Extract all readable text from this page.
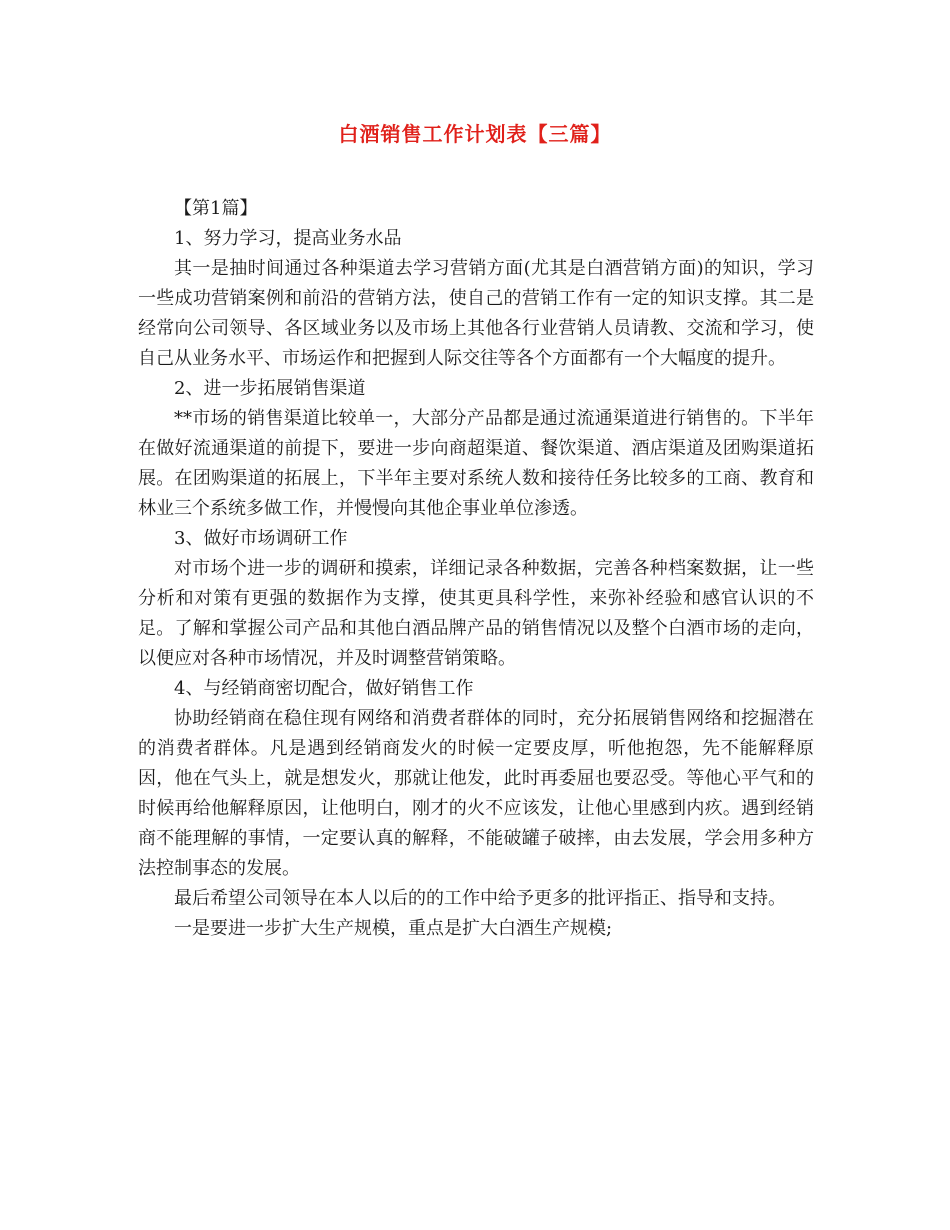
白酒销售工作计划表【三篇】

【第1篇】

1、努力学习，提高业务水品

其一是抽时间通过各种渠道去学习营销方面(尤其是白酒营销方面)的知识，学习一些成功营销案例和前沿的营销方法，使自己的营销工作有一定的知识支撑。其二是经常向公司领导、各区域业务以及市场上其他各行业营销人员请教、交流和学习，使自己从业务水平、市场运作和把握到人际交往等各个方面都有一个大幅度的提升。

2、进一步拓展销售渠道

**市场的销售渠道比较单一，大部分产品都是通过流通渠道进行销售的。下半年在做好流通渠道的前提下，要进一步向商超渠道、餐饮渠道、酒店渠道及团购渠道拓展。在团购渠道的拓展上，下半年主要对系统人数和接待任务比较多的工商、教育和林业三个系统多做工作，并慢慢向其他企事业单位渗透。

3、做好市场调研工作

对市场个进一步的调研和摸索，详细记录各种数据，完善各种档案数据，让一些分析和对策有更强的数据作为支撑，使其更具科学性，来弥补经验和感官认识的不足。了解和掌握公司产品和其他白酒品牌产品的销售情况以及整个白酒市场的走向，以便应对各种市场情况，并及时调整营销策略。

4、与经销商密切配合，做好销售工作

协助经销商在稳住现有网络和消费者群体的同时，充分拓展销售网络和挖掘潜在的消费者群体。凡是遇到经销商发火的时候一定要皮厚，听他抱怨，先不能解释原因，他在气头上，就是想发火，那就让他发，此时再委屈也要忍受。等他心平气和的时候再给他解释原因，让他明白，刚才的火不应该发，让他心里感到内疚。遇到经销商不能理解的事情，一定要认真的解释，不能破罐子破摔，由去发展，学会用多种方法控制事态的发展。

最后希望公司领导在本人以后的的工作中给予更多的批评指正、指导和支持。

一是要进一步扩大生产规模，重点是扩大白酒生产规模;
